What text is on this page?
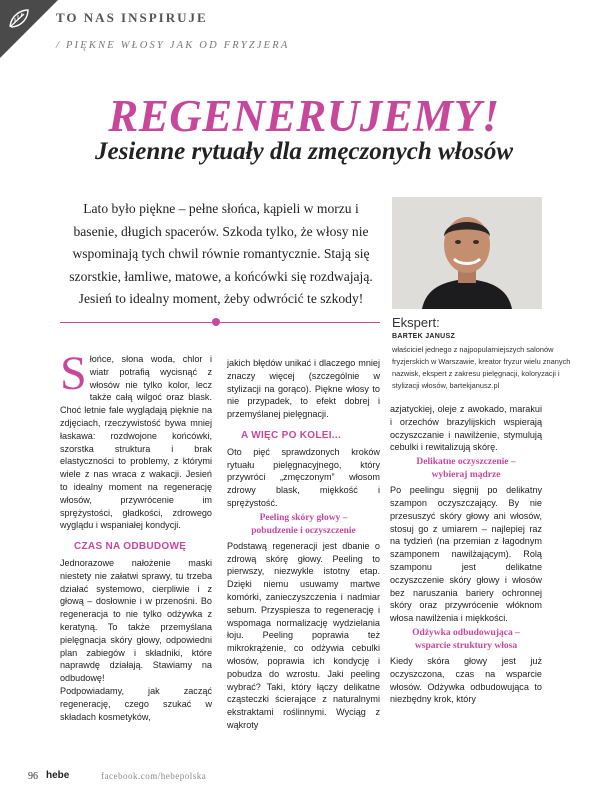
TO NAS INSPIRUJE
/ PIĘKNE WŁOSY JAK OD FRYZJERA
REGENERUJEMY!
Jesienne rytuały dla zmęczonych włosów

Lato było piękne – pełne słońca, kąpieli w morzu i basenie, długich spacerów. Szkoda tylko, że włosy nie wspominają tych chwil równie romantycznie. Stają się szorstkie, łamliwe, matowe, a końcówki się rozdwajają. Jesień to idealny moment, żeby odwrócić te szkody!

Ekspert:
BARTEK JANUSZ
właściciel jednego z najpopularniejszych salonów fryzjerskich w Warszawie, kreator fryzur wielu znanych nazwisk, ekspert z zakresu pielęgnacji, koloryzacji i stylizacji włosów, bartekjanusz.pl

Słońce, słona woda, chlor i wiatr potrafią wycisnąć z włosów nie tylko kolor, lecz także całą wilgoć oraz blask. Choć letnie fale wyglądają pięknie na zdjęciach, rzeczywistość bywa mniej łaskawa: rozdwojone końcówki, szorstka struktura i brak elastyczności to problemy, z którymi wiele z nas wraca z wakacji. Jesień to idealny moment na regenerację włosów, przywrócenie im sprężystości, gładkości, zdrowego wyglądu i wspaniałej kondycji.

CZAS NA ODBUDOWĘ

Jednorazowe nałożenie maski niestety nie załatwi sprawy, tu trzeba działać systemowo, cierpliwie i z głową – dosłownie i w przenośni. Bo regeneracja to nie tylko odżywka z keratyną. To także przemyślana pielęgnacja skóry głowy, odpowiedni plan zabiegów i składniki, które naprawdę działają. Stawiamy na odbudowę!

Podpowiadamy, jak zacząć regenerację, czego szukać w składach kosmetyków,

jakich błędów unikać i dlaczego mniej znaczy więcej (szczególnie w stylizacji na gorąco). Piękne włosy to nie przypadek, to efekt dobrej i przemyślanej pielęgnacji.

A WIĘC PO KOLEI...

Oto pięć sprawdzonych kroków rytuału pielęgnacyjnego, który przywróci „zmęczonym” włosom zdrowy blask, miękkość i sprężystość.

Peeling skóry głowy –
pobudzenie i oczyszczenie

Podstawą regeneracji jest dbanie o zdrową skórę głowy. Peeling to pierwszy, niezwykle istotny etap. Dzięki niemu usuwamy martwe komórki, zanieczyszczenia i nadmiar sebum. Przyspiesza to regenerację i wspomaga normalizację wydzielania łoju. Peeling poprawia też mikrokrążenie, co odżywia cebulki włosów, poprawia ich kondycję i pobudza do wzrostu. Jaki peeling wybrać? Taki, który łączy delikatne cząsteczki ścierające z naturalnymi ekstraktami roślinnymi. Wyciąg z wąkroty

azjatyckiej, oleje z awokado, marakui i orzechów brazylijskich wspierają oczyszczanie i nawilżenie, stymulują cebulki i rewitalizują skórę.

Delikatne oczyszczenie –
wybieraj mądrze

Po peelingu sięgnij po delikatny szampon oczyszczający. By nie przesuszyć skóry głowy ani włosów, stosuj go z umiarem – najlepiej raz na tydzień (na przemian z łagodnym szamponem nawilżającym). Rolą szamponu jest delikatne oczyszczenie skóry głowy i włosów bez naruszania bariery ochronnej skóry oraz przywrócenie włóknom włosa nawilżenia i miękkości.

Odżywka odbudowująca –
wsparcie struktury włosa

Kiedy skóra głowy jest już oczyszczona, czas na wsparcie włosów. Odżywka odbudowująca to niezbędny krok, który

96 hebe	facebook.com/hebepolska
